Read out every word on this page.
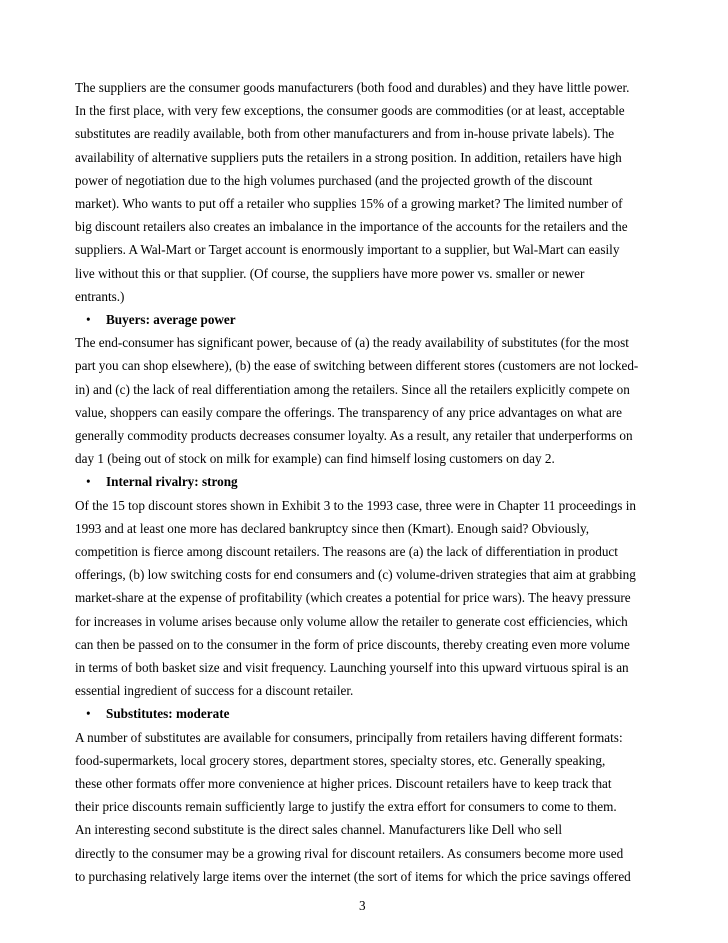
The suppliers are the consumer goods manufacturers (both food and durables) and they have little power.
In the first place, with very few exceptions, the consumer goods are commodities (or at least, acceptable
substitutes are readily available, both from other manufacturers and from in-house private labels). The
availability of alternative suppliers puts the retailers in a strong position. In addition, retailers have high
power of negotiation due to the high volumes purchased (and the projected growth of the discount
market). Who wants to put off a retailer who supplies 15% of a growing market? The limited number of
big discount retailers also creates an imbalance in the importance of the accounts for the retailers and the
suppliers. A Wal-Mart or Target account is enormously important to a supplier, but Wal-Mart can easily
live without this or that supplier. (Of course, the suppliers have more power vs. smaller or newer
entrants.)
• Buyers: average power
The end-consumer has significant power, because of (a) the ready availability of substitutes (for the most
part you can shop elsewhere), (b) the ease of switching between different stores (customers are not locked-
in) and (c) the lack of real differentiation among the retailers. Since all the retailers explicitly compete on
value, shoppers can easily compare the offerings. The transparency of any price advantages on what are
generally commodity products decreases consumer loyalty. As a result, any retailer that underperforms on
day 1 (being out of stock on milk for example) can find himself losing customers on day 2.
• Internal rivalry: strong
Of the 15 top discount stores shown in Exhibit 3 to the 1993 case, three were in Chapter 11 proceedings in
1993 and at least one more has declared bankruptcy since then (Kmart). Enough said? Obviously,
competition is fierce among discount retailers. The reasons are (a) the lack of differentiation in product
offerings, (b) low switching costs for end consumers and (c) volume-driven strategies that aim at grabbing
market-share at the expense of profitability (which creates a potential for price wars). The heavy pressure
for increases in volume arises because only volume allow the retailer to generate cost efficiencies, which
can then be passed on to the consumer in the form of price discounts, thereby creating even more volume
in terms of both basket size and visit frequency. Launching yourself into this upward virtuous spiral is an
essential ingredient of success for a discount retailer.
• Substitutes: moderate
A number of substitutes are available for consumers, principally from retailers having different formats:
food-supermarkets, local grocery stores, department stores, specialty stores, etc. Generally speaking,
these other formats offer more convenience at higher prices. Discount retailers have to keep track that
their price discounts remain sufficiently large to justify the extra effort for consumers to come to them.
An interesting second substitute is the direct sales channel. Manufacturers like Dell who sell
directly to the consumer may be a growing rival for discount retailers. As consumers become more used
to purchasing relatively large items over the internet (the sort of items for which the price savings offered
3
